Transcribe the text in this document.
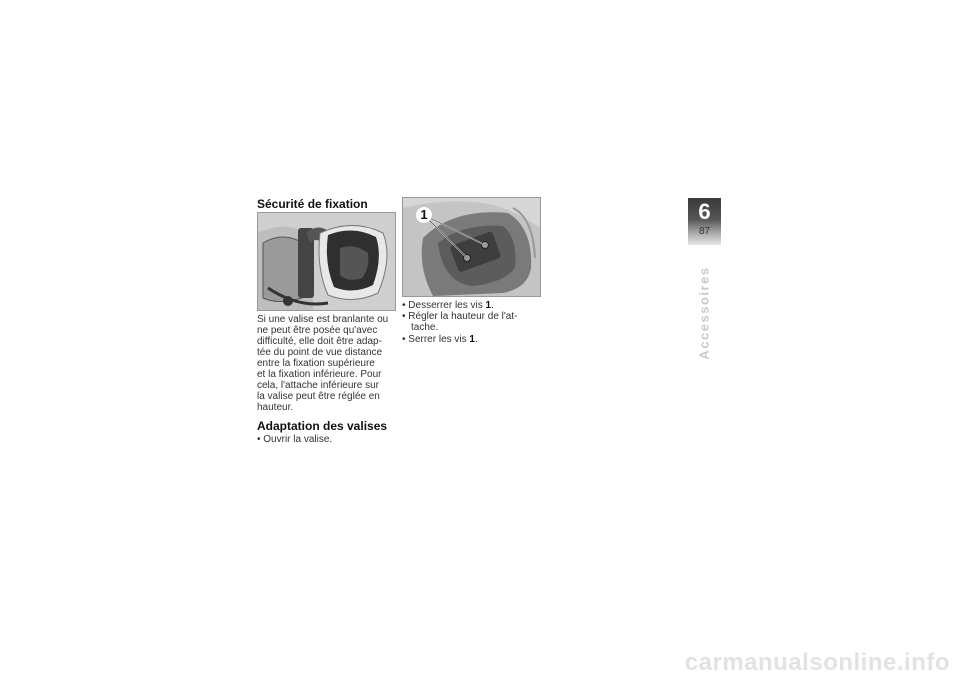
Sécurité de fixation
Si une valise est branlante ou
ne peut être posée qu'avec
difficulté, elle doit être adap-
tée du point de vue distance
entre la fixation supérieure
et la fixation inférieure. Pour
cela, l'attache inférieure sur
la valise peut être réglée en
hauteur.
Adaptation des valises
• Ouvrir la valise.
1
• Desserrer les vis 1.
• Régler la hauteur de l'at-
tache.
• Serrer les vis 1.
6
87
Accessoires
carmanualsonline.info
